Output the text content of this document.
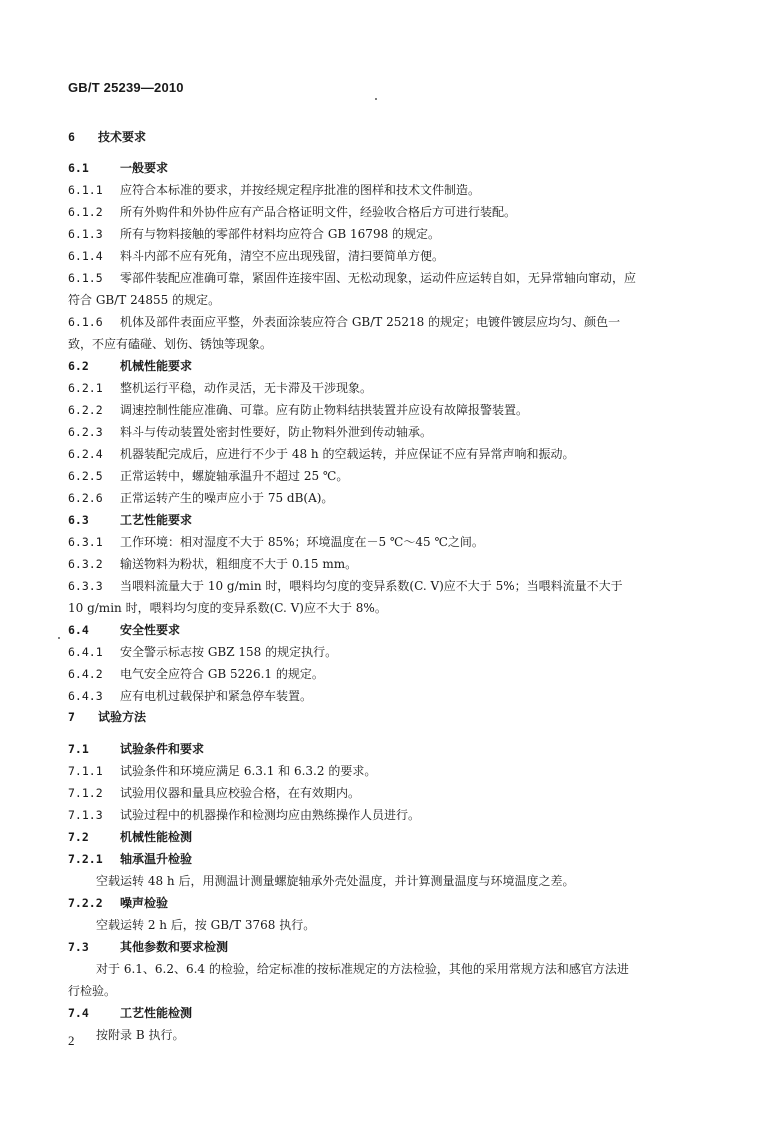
GB/T 25239—2010
6 技术要求
6.1	一般要求
6.1.1 应符合本标准的要求，并按经规定程序批准的图样和技术文件制造。
6.1.2 所有外购件和外协件应有产品合格证明文件，经验收合格后方可进行装配。
6.1.3 所有与物料接触的零部件材料均应符合 GB 16798 的规定。
6.1.4 料斗内部不应有死角，清空不应出现残留，清扫要简单方便。
6.1.5 零部件装配应准确可靠，紧固件连接牢固、无松动现象，运动件应运转自如，无异常轴向窜动，应
符合 GB/T 24855 的规定。
6.1.6 机体及部件表面应平整，外表面涂装应符合 GB/T 25218 的规定；电镀件镀层应均匀、颜色一
致，不应有磕碰、划伤、锈蚀等现象。
6.2	机械性能要求
6.2.1 整机运行平稳，动作灵活，无卡滞及干涉现象。
6.2.2 调速控制性能应准确、可靠。应有防止物料结拱装置并应设有故障报警装置。
6.2.3 料斗与传动装置处密封性要好，防止物料外泄到传动轴承。
6.2.4 机器装配完成后，应进行不少于 48 h 的空载运转，并应保证不应有异常声响和振动。
6.2.5 正常运转中，螺旋轴承温升不超过 25 ℃。
6.2.6 正常运转产生的噪声应小于 75 dB(A)。
6.3	工艺性能要求
6.3.1 工作环境：相对湿度不大于 85%；环境温度在－5 ℃～45 ℃之间。
6.3.2 输送物料为粉状，粗细度不大于 0.15 mm。
6.3.3 当喂料流量大于 10 g/min 时，喂料均匀度的变异系数(C. V)应不大于 5%；当喂料流量不大于
10 g/min 时，喂料均匀度的变异系数(C. V)应不大于 8%。
6.4	安全性要求
6.4.1 安全警示标志按 GBZ 158 的规定执行。
6.4.2 电气安全应符合 GB 5226.1 的规定。
6.4.3 应有电机过载保护和紧急停车装置。
7 试验方法
7.1	试验条件和要求
7.1.1 试验条件和环境应满足 6.3.1 和 6.3.2 的要求。
7.1.2 试验用仪器和量具应校验合格，在有效期内。
7.1.3 试验过程中的机器操作和检测均应由熟练操作人员进行。
7.2	机械性能检测
7.2.1 轴承温升检验
空载运转 48 h 后，用测温计测量螺旋轴承外壳处温度，并计算测量温度与环境温度之差。
7.2.2 噪声检验
空载运转 2 h 后，按 GB/T 3768 执行。
7.3	其他参数和要求检测
对于 6.1、6.2、6.4 的检验，给定标准的按标准规定的方法检验，其他的采用常规方法和感官方法进
行检验。
7.4	工艺性能检测
按附录 B 执行。
2
